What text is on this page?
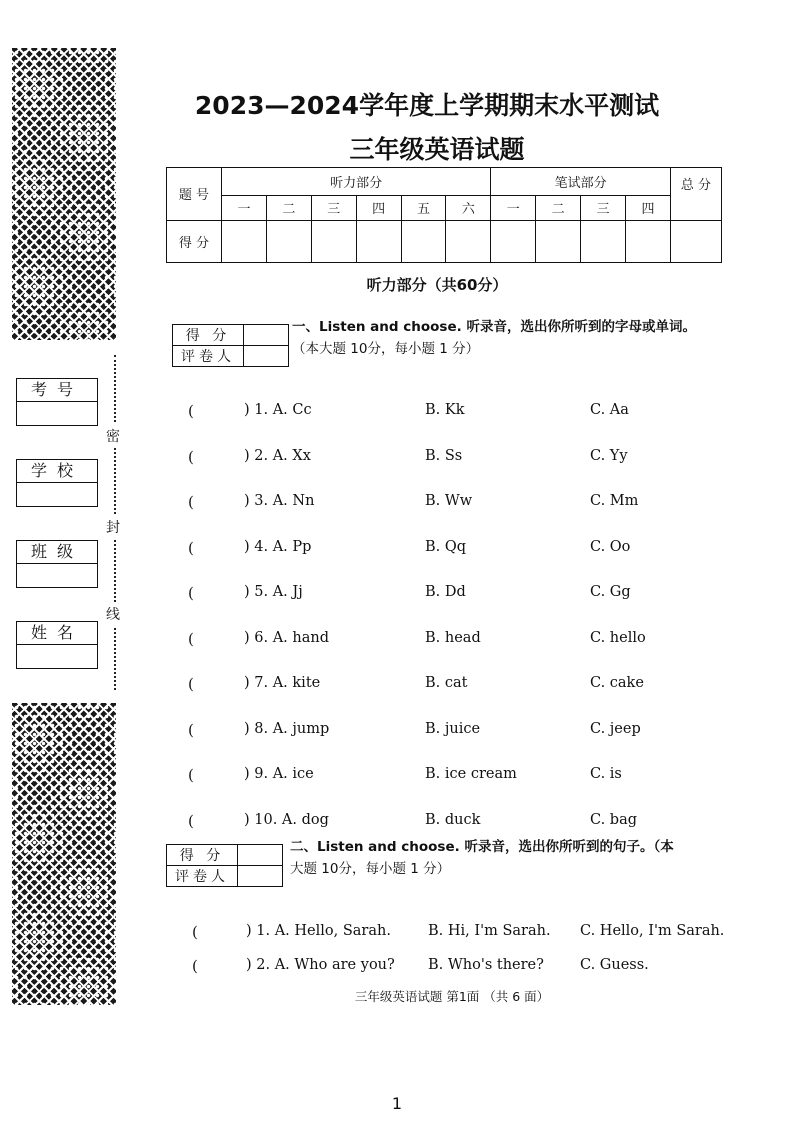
考号
学校
班级
姓名
密
封
线
2023—2024学年度上学期期末水平测试
三年级英语试题
题 号	听力部分						笔试部分				总 分
	一	二	三	四	五	六	一	二	三	四	
得 分											
听力部分（共60分）
得 分	
评卷人	
一、Listen and choose. 听录音，选出你所听到的字母或单词。
（本大题 10分，每小题 1 分）
(	) 1. A. Cc	B. Kk	C. Aa
(	) 2. A. Xx	B. Ss	C. Yy
(	) 3. A. Nn	B. Ww	C. Mm
(	) 4. A. Pp	B. Qq	C. Oo
(	) 5. A. Jj	B. Dd	C. Gg
(	) 6. A. hand	B. head	C. hello
(	) 7. A. kite	B. cat	C. cake
(	) 8. A. jump	B. juice	C. jeep
(	) 9. A. ice	B. ice cream	C. is
(	) 10. A. dog	B. duck	C. bag
得 分	
评卷人	
二、Listen and choose. 听录音，选出你所听到的句子。（本
大题 10分，每小题 1 分）
(	) 1. A. Hello, Sarah.	B. Hi, I'm Sarah. C. Hello, I'm Sarah.
(	) 2. A. Who are you? B. Who's there? C. Guess.
三年级英语试题 第1面 （共 6 面）
1
